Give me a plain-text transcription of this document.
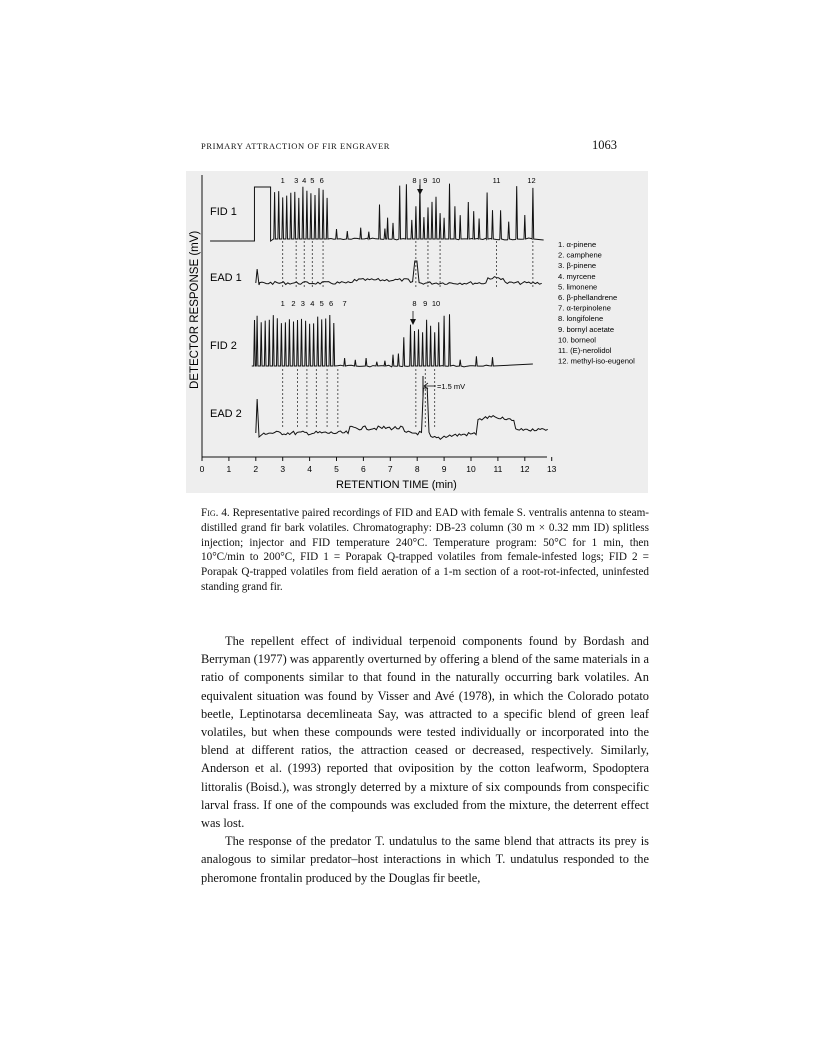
PRIMARY ATTRACTION OF FIR ENGRAVER	1063
DETECTOR RESPONSE (mV)
0	1	2	3	4	5	6	7	8	9 10 11 12 13
RETENTION TIME (min)
FID 1
EAD 1
FID 2
EAD 2
1 3 4 5 6	8 9 10	11	12
1 2 3 4 5 6 7	8 9 10
=1.5 mV
1. α-pinene
2. camphene
3. β-pinene
4. myrcene
5. limonene
6. β-phellandrene
7. α-terpinolene
8. longifolene
9. bornyl acetate
10. borneol
11. (E)-nerolidol
12. methyl-iso-eugenol
Fig. 4. Representative paired recordings of FID and EAD with female S. ventralis antenna to steam-distilled grand fir bark volatiles. Chromatography: DB-23 column (30 m × 0.32 mm ID) splitless injection; injector and FID temperature 240°C. Temperature program: 50°C for 1 min, then 10°C/min to 200°C, FID 1 = Porapak Q-trapped volatiles from female-infested logs; FID 2 = Porapak Q-trapped volatiles from field aeration of a 1-m section of a root-rot-infected, uninfested standing grand fir.

The repellent effect of individual terpenoid components found by Bordash and Berryman (1977) was apparently overturned by offering a blend of the same materials in a ratio of components similar to that found in the naturally occurring bark volatiles. An equivalent situation was found by Visser and Avé (1978), in which the Colorado potato beetle, Leptinotarsa decemlineata Say, was attracted to a specific blend of green leaf volatiles, but when these compounds were tested individually or incorporated into the blend at different ratios, the attraction ceased or decreased, respectively. Similarly, Anderson et al. (1993) reported that oviposition by the cotton leafworm, Spodoptera littoralis (Boisd.), was strongly deterred by a mixture of six compounds from conspecific larval frass. If one of the compounds was excluded from the mixture, the deterrent effect was lost.

The response of the predator T. undatulus to the same blend that attracts its prey is analogous to similar predator–host interactions in which T. undatulus responded to the pheromone frontalin produced by the Douglas fir beetle,
